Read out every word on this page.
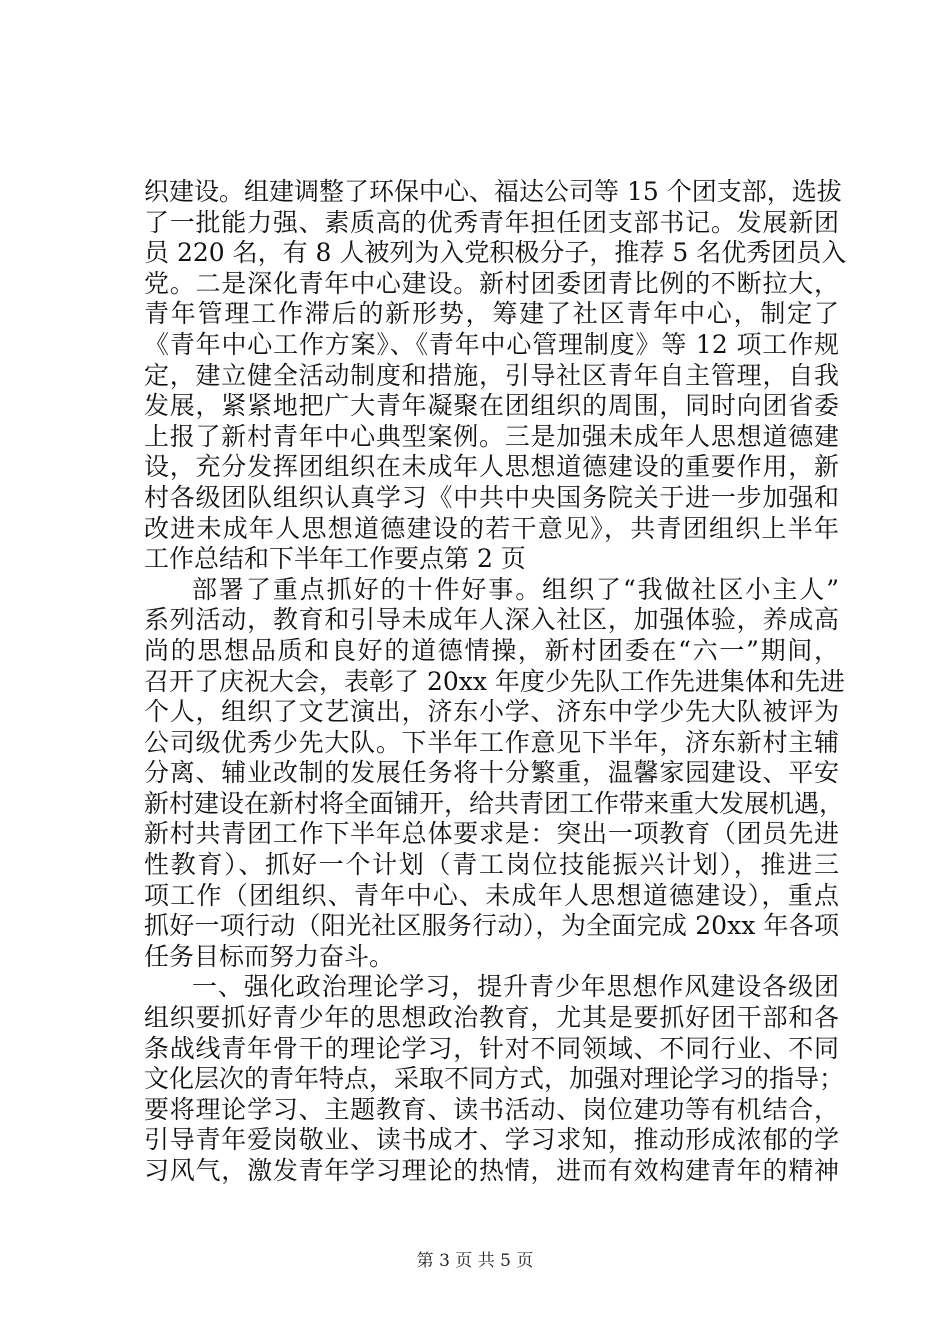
织建设。组建调整了环保中心、福达公司等 15 个团支部，选拔
了一批能力强、素质高的优秀青年担任团支部书记。发展新团
员 220 名，有 8 人被列为入党积极分子，推荐 5 名优秀团员入
党。二是深化青年中心建设。新村团委团青比例的不断拉大，
青年管理工作滞后的新形势，筹建了社区青年中心，制定了
《青年中心工作方案》、《青年中心管理制度》等 12 项工作规
定，建立健全活动制度和措施，引导社区青年自主管理，自我
发展，紧紧地把广大青年凝聚在团组织的周围，同时向团省委
上报了新村青年中心典型案例。三是加强未成年人思想道德建
设，充分发挥团组织在未成年人思想道德建设的重要作用，新
村各级团队组织认真学习《中共中央国务院关于进一步加强和
改进未成年人思想道德建设的若干意见》，共青团组织上半年
工作总结和下半年工作要点第 2 页
部署了重点抓好的十件好事。组织了“我做社区小主人”
系列活动，教育和引导未成年人深入社区，加强体验，养成高
尚的思想品质和良好的道德情操，新村团委在“六一”期间，
召开了庆祝大会，表彰了 20xx 年度少先队工作先进集体和先进
个人，组织了文艺演出，济东小学、济东中学少先大队被评为
公司级优秀少先大队。下半年工作意见下半年，济东新村主辅
分离、辅业改制的发展任务将十分繁重，温馨家园建设、平安
新村建设在新村将全面铺开，给共青团工作带来重大发展机遇，
新村共青团工作下半年总体要求是：突出一项教育（团员先进
性教育）、抓好一个计划（青工岗位技能振兴计划），推进三
项工作（团组织、青年中心、未成年人思想道德建设），重点
抓好一项行动（阳光社区服务行动），为全面完成 20xx 年各项
任务目标而努力奋斗。
一、强化政治理论学习，提升青少年思想作风建设各级团
组织要抓好青少年的思想政治教育，尤其是要抓好团干部和各
条战线青年骨干的理论学习，针对不同领域、不同行业、不同
文化层次的青年特点，采取不同方式，加强对理论学习的指导；
要将理论学习、主题教育、读书活动、岗位建功等有机结合，
引导青年爱岗敬业、读书成才、学习求知，推动形成浓郁的学
习风气，激发青年学习理论的热情，进而有效构建青年的精神
第 3 页 共 5 页
